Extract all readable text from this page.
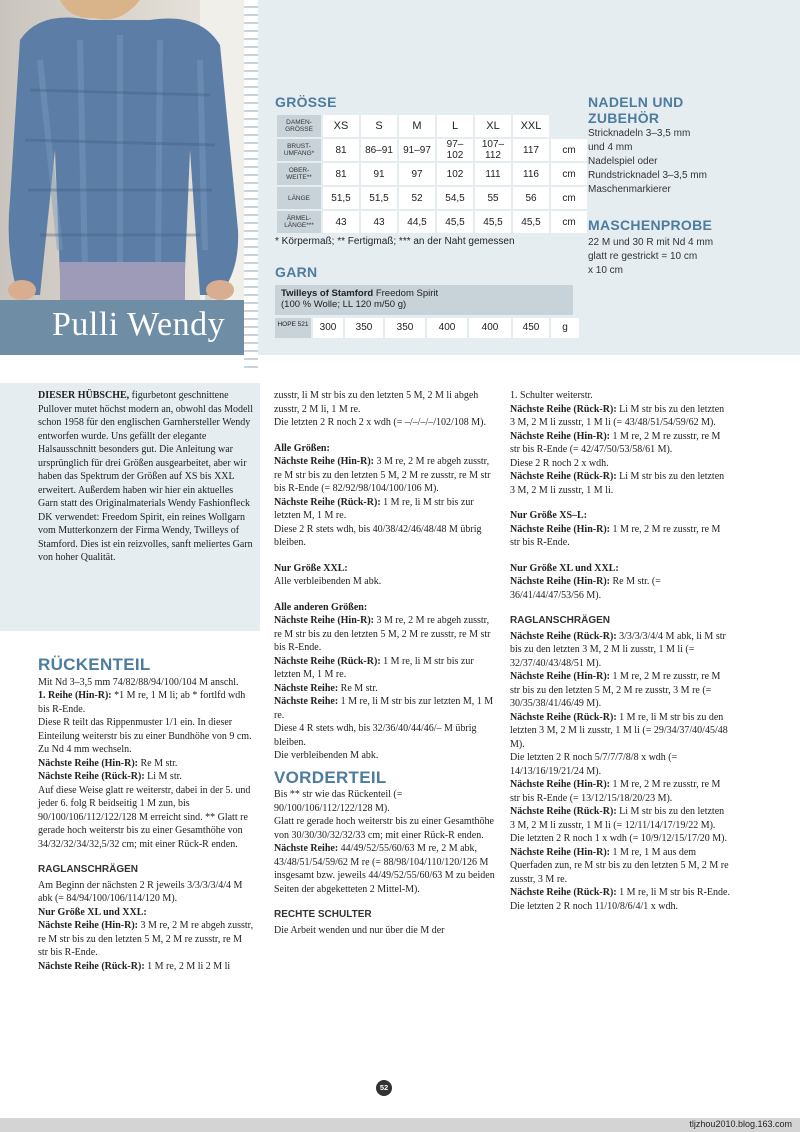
Pulli Wendy
GRÖSSE
DAMEN-GRÖSSE	XS	S	M	L	XL	XXL	
BRUST-UMFANG*	81	86–91	91–97	97–102	107–112	117	cm
OBER-WEITE**	81	91	97	102	111	116	cm
LÄNGE	51,5	51,5	52	54,5	55	56	cm
ÄRMEL-LÄNGE***	43	43	44,5	45,5	45,5	45,5	cm
* Körpermaß; ** Fertigmaß; *** an der Naht gemessen
GARN
Twilleys of Stamford Freedom Spirit
(100 % Wolle; LL 120 m/50 g)
HOPE 521	300	350	350	400	400	450	g
NADELN UND
ZUBEHÖR
Stricknadeln 3–3,5 mm
und 4 mm
Nadelspiel oder
Rundstricknadel 3–3,5 mm
Maschenmarkierer
MASCHENPROBE
22 M und 30 R mit Nd 4 mm
glatt re gestrickt = 10 cm
x 10 cm

DIESER HÜBSCHE, figurbetont geschnittene Pullover mutet höchst modern an, obwohl das Modell schon 1958 für den englischen Garnhersteller Wendy entworfen wurde. Uns gefällt der elegante Halsausschnitt besonders gut. Die Anleitung war ursprünglich für drei Größen ausgearbeitet, aber wir haben das Spektrum der Größen auf XS bis XXL erweitert. Außerdem haben wir hier ein aktuelles Garn statt des Originalmaterials Wendy Fashionfleck DK verwendet: Freedom Spirit, ein reines Wollgarn vom Mutterkonzern der Firma Wendy, Twilleys of Stamford. Dies ist ein reizvolles, sanft meliertes Garn von hoher Qualität.

RÜCKENTEIL

Mit Nd 3–3,5 mm 74/82/88/94/100/104 M anschl.

1. Reihe (Hin-R): *1 M re, 1 M li; ab * fortlfd wdh bis R-Ende.

Diese R teilt das Rippenmuster 1/1 ein. In dieser Einteilung weiterstr bis zu einer Bundhöhe von 9 cm.

Zu Nd 4 mm wechseln.

Nächste Reihe (Hin-R): Re M str.

Nächste Reihe (Rück-R): Li M str.

Auf diese Weise glatt re weiterstr, dabei in der 5. und jeder 6. folg R beidseitig 1 M zun, bis 90/100/106/112/122/128 M erreicht sind. ** Glatt re gerade hoch weiterstr bis zu einer Gesamthöhe von 34/32/32/34/32,5/32 cm; mit einer Rück-R enden.

RAGLANSCHRÄGEN

Am Beginn der nächsten 2 R jeweils 3/3/3/3/4/4 M abk (= 84/94/100/106/114/120 M).

Nur Größe XL und XXL:

Nächste Reihe (Hin-R): 3 M re, 2 M re abgeh zusstr, re M str bis zu den letzten 5 M, 2 M re zusstr, re M str bis R-Ende.

Nächste Reihe (Rück-R): 1 M re, 2 M li 2 M li

zusstr, li M str bis zu den letzten 5 M, 2 M li abgeh zusstr, 2 M li, 1 M re.

Die letzten 2 R noch 2 x wdh (= –/–/–/–/102/108 M).

Alle Größen:

Nächste Reihe (Hin-R): 3 M re, 2 M re abgeh zusstr, re M str bis zu den letzten 5 M, 2 M re zusstr, re M str bis R-Ende (= 82/92/98/104/100/106 M).

Nächste Reihe (Rück-R): 1 M re, li M str bis zur letzten M, 1 M re.

Diese 2 R stets wdh, bis 40/38/42/46/48/48 M übrig bleiben.

Nur Größe XXL:

Alle verbleibenden M abk.

Alle anderen Größen:

Nächste Reihe (Hin-R): 3 M re, 2 M re abgeh zusstr, re M str bis zu den letzten 5 M, 2 M re zusstr, re M str bis R-Ende.

Nächste Reihe (Rück-R): 1 M re, li M str bis zur letzten M, 1 M re.

Nächste Reihe: Re M str.

Nächste Reihe: 1 M re, li M str bis zur letzten M, 1 M re.

Diese 4 R stets wdh, bis 32/36/40/44/46/– M übrig bleiben.

Die verbleibenden M abk.

VORDERTEIL

Bis ** str wie das Rückenteil (= 90/100/106/112/122/128 M).

Glatt re gerade hoch weiterstr bis zu einer Gesamthöhe von 30/30/30/32/32/33 cm; mit einer Rück-R enden.

Nächste Reihe: 44/49/52/55/60/63 M re, 2 M abk, 43/48/51/54/59/62 M re (= 88/98/104/110/120/126 M insgesamt bzw. jeweils 44/49/52/55/60/63 M zu beiden Seiten der abgeketteten 2 Mittel-M).

RECHTE SCHULTER

Die Arbeit wenden und nur über die M der

1. Schulter weiterstr.

Nächste Reihe (Rück-R): Li M str bis zu den letzten 3 M, 2 M li zusstr, 1 M li (= 43/48/51/54/59/62 M).

Nächste Reihe (Hin-R): 1 M re, 2 M re zusstr, re M str bis R-Ende (= 42/47/50/53/58/61 M).

Diese 2 R noch 2 x wdh.

Nächste Reihe (Rück-R): Li M str bis zu den letzten 3 M, 2 M li zusstr, 1 M li.

Nur Größe XS–L:

Nächste Reihe (Hin-R): 1 M re, 2 M re zusstr, re M str bis R-Ende.

Nur Größe XL und XXL:

Nächste Reihe (Hin-R): Re M str. (= 36/41/44/47/53/56 M).

RAGLANSCHRÄGEN

Nächste Reihe (Rück-R): 3/3/3/3/4/4 M abk, li M str bis zu den letzten 3 M, 2 M li zusstr, 1 M li (= 32/37/40/43/48/51 M).

Nächste Reihe (Hin-R): 1 M re, 2 M re zusstr, re M str bis zu den letzten 5 M, 2 M re zusstr, 3 M re (= 30/35/38/41/46/49 M).

Nächste Reihe (Rück-R): 1 M re, li M str bis zu den letzten 3 M, 2 M li zusstr, 1 M li (= 29/34/37/40/45/48 M).

Die letzten 2 R noch 5/7/7/7/8/8 x wdh (= 14/13/16/19/21/24 M).

Nächste Reihe (Hin-R): 1 M re, 2 M re zusstr, re M str bis R-Ende (= 13/12/15/18/20/23 M).

Nächste Reihe (Rück-R): Li M str bis zu den letzten 3 M, 2 M li zusstr, 1 M li (= 12/11/14/17/19/22 M).

Die letzten 2 R noch 1 x wdh (= 10/9/12/15/17/20 M).

Nächste Reihe (Hin-R): 1 M re, 1 M aus dem Querfaden zun, re M str bis zu den letzten 5 M, 2 M re zusstr, 3 M re.

Nächste Reihe (Rück-R): 1 M re, li M str bis R-Ende.

Die letzten 2 R noch 11/10/8/6/4/1 x wdh.

52
tljzhou2010.blog.163.com
